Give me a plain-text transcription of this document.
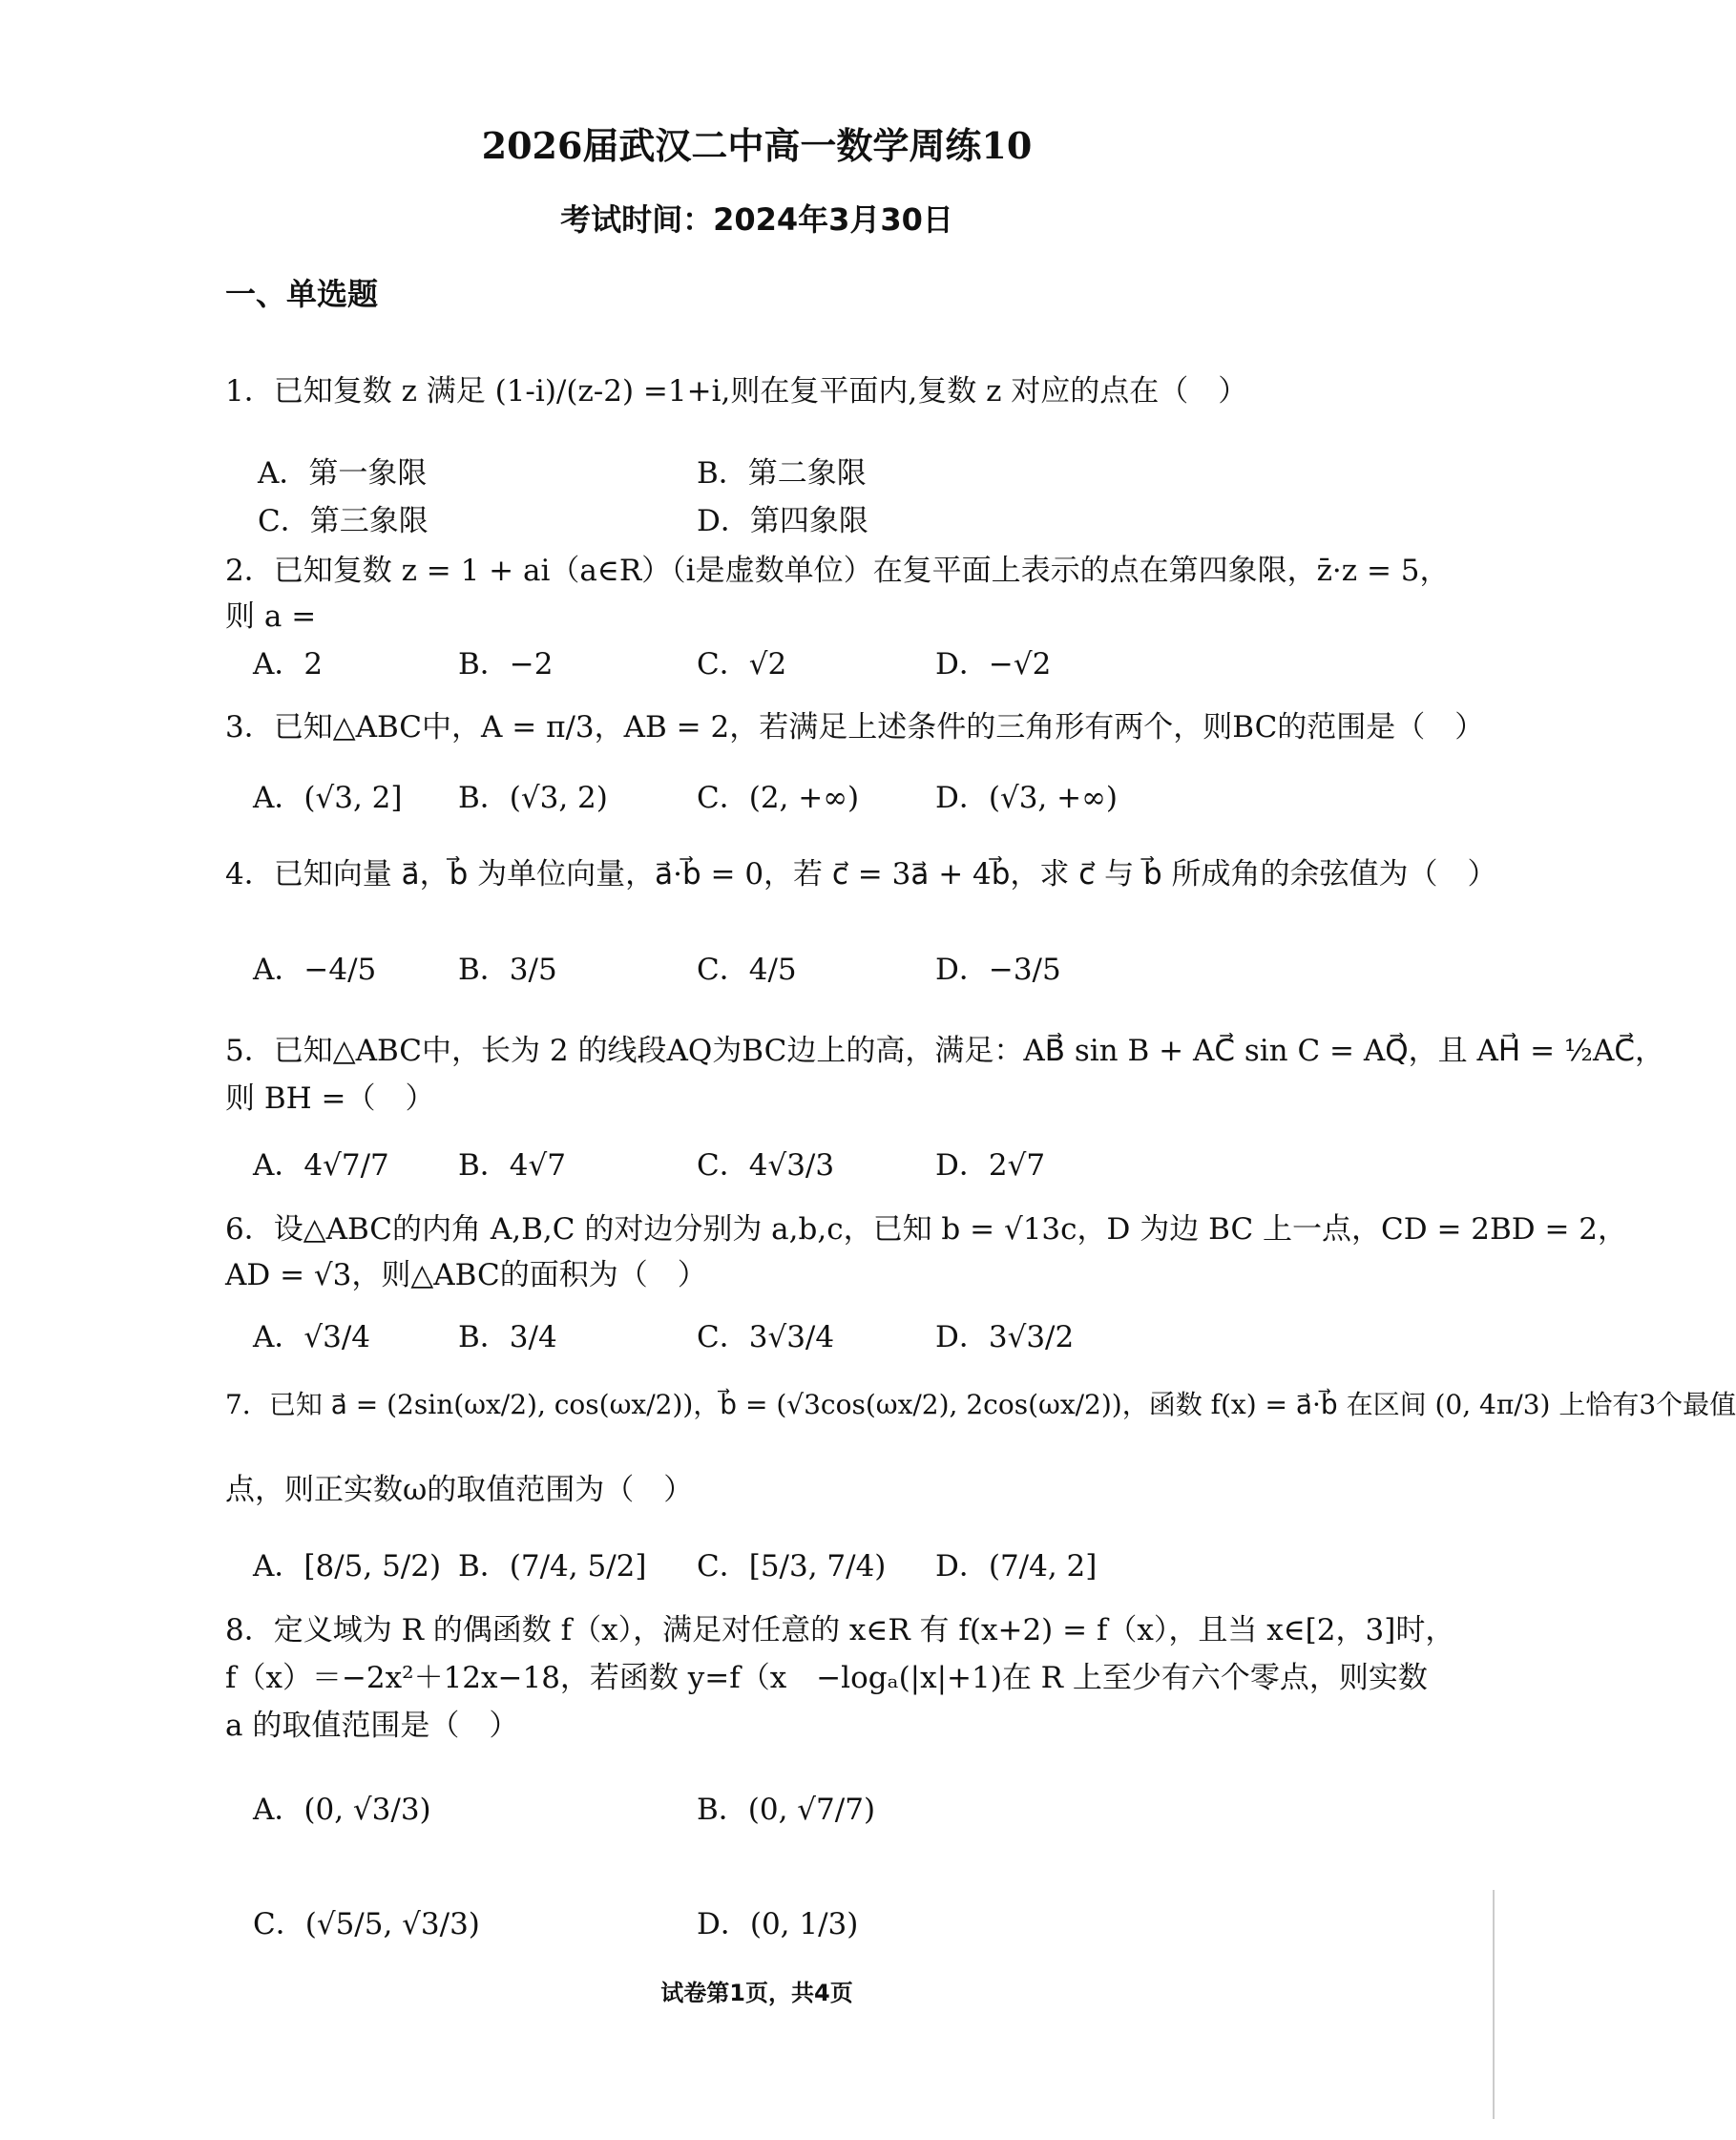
2026届武汉二中高一数学周练10
考试时间：2024年3月30日
一、单选题
1．已知复数 z 满足 (1-i)/(z-2) =1+i,则在复平面内,复数 z 对应的点在（　）
A．第一象限	B．第二象限
C．第三象限	D．第四象限
2．已知复数 z = 1 + ai（a∈R）（i是虚数单位）在复平面上表示的点在第四象限，z̄·z = 5，
则 a =
A．2	B．−2	C．√2	D．−√2
3．已知△ABC中，A = π/3，AB = 2，若满足上述条件的三角形有两个，则BC的范围是（　）
A．(√3, 2] B．(√3, 2)	C．(2, +∞)	D．(√3, +∞)
4．已知向量 a⃗，b⃗ 为单位向量，a⃗·b⃗ = 0，若 c⃗ = 3a⃗ + 4b⃗，求 c⃗ 与 b⃗ 所成角的余弦值为（　）
A．−4/5	B．3/5	C．4/5	D．−3/5
5．已知△ABC中，长为 2 的线段AQ为BC边上的高，满足：AB⃗ sin B + AC⃗ sin C = AQ⃗，且 AH⃗ = ½AC⃗，
则 BH =（　）
A．4√7/7 B．4√7	C．4√3/3	D．2√7
6．设△ABC的内角 A,B,C 的对边分别为 a,b,c，已知 b = √13c，D 为边 BC 上一点，CD = 2BD = 2，
AD = √3，则△ABC的面积为（　）
A．√3/4	B．3/4	C．3√3/4	D．3√3/2
7．已知 a⃗ = (2sin(ωx/2), cos(ωx/2))，b⃗ = (√3cos(ωx/2), 2cos(ωx/2))，函数 f(x) = a⃗·b⃗ 在区间 (0, 4π/3) 上恰有3个最值
点，则正实数ω的取值范围为（　）
A．[8/5, 5/2) B．(7/4, 5/2] C．[5/3, 7/4) D．(7/4, 2]
8．定义域为 R 的偶函数 f（x），满足对任意的 x∈R 有 f(x+2) = f（x），且当 x∈[2，3]时，
f（x）＝−2x²＋12x−18，若函数 y=f（x　−logₐ(|x|+1)在 R 上至少有六个零点，则实数
a 的取值范围是（　）
A．(0, √3/3)	B．(0, √7/7)
C．(√5/5, √3/3)	D．(0, 1/3)
试卷第1页，共4页
